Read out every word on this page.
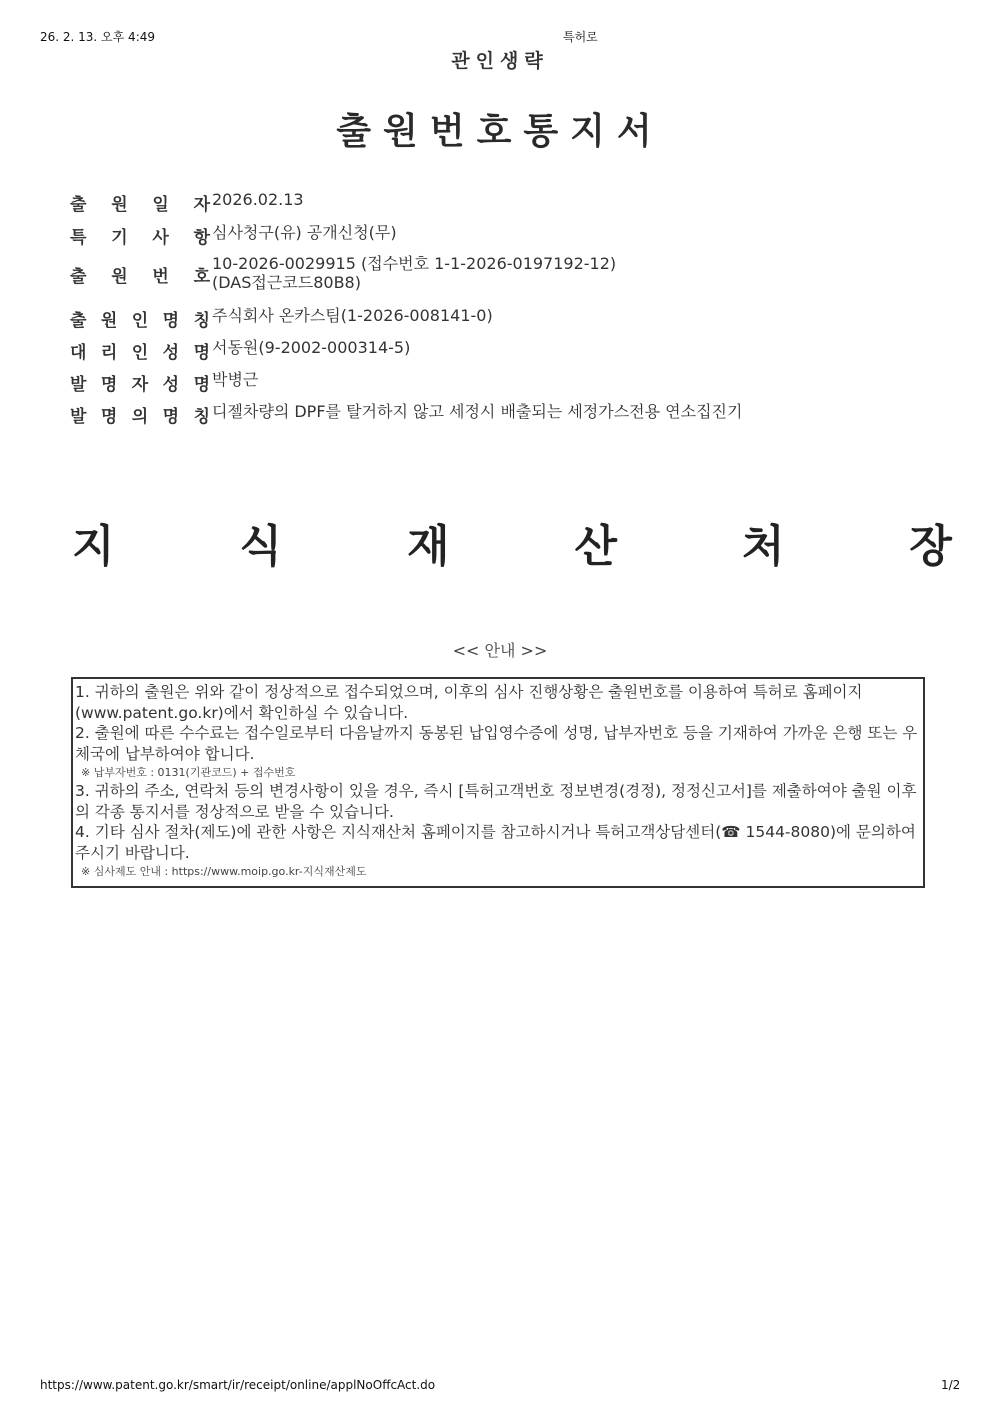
26. 2. 13. 오후 4:49	특허로
관인생략
출원번호통지서
출 원 일 자 2026.02.13
특 기 사 항 심사청구(유) 공개신청(무)
출 원 번 호
10-2026-0029915 (접수번호 1-1-2026-0197192-12)
(DAS접근코드80B8)
출 원 인 명 칭 주식회사 온카스팀(1-2026-008141-0)
대 리 인 성 명 서동원(9-2002-000314-5)
발 명 자 성 명 박병근
발 명 의 명 칭 디젤차량의 DPF를 탈거하지 않고 세정시 배출되는 세정가스전용 연소집진기
지	식	재	산	처	장
<< 안내 >>

1. 귀하의 출원은 위와 같이 정상적으로 접수되었으며, 이후의 심사 진행상황은 출원번호를 이용하여 특허로 홈페이지(www.patent.go.kr)에서 확인하실 수 있습니다.

2. 출원에 따른 수수료는 접수일로부터 다음날까지 동봉된 납입영수증에 성명, 납부자번호 등을 기재하여 가까운 은행 또는 우체국에 납부하여야 합니다.

※ 납부자번호 : 0131(기관코드) + 접수번호

3. 귀하의 주소, 연락처 등의 변경사항이 있을 경우, 즉시 [특허고객번호 정보변경(경정), 정정신고서]를 제출하여야 출원 이후의 각종 통지서를 정상적으로 받을 수 있습니다.

4. 기타 심사 절차(제도)에 관한 사항은 지식재산처 홈페이지를 참고하시거나 특허고객상담센터(☎ 1544-8080)에 문의하여 주시기 바랍니다.

※ 심사제도 안내 : https://www.moip.go.kr-지식재산제도

https://www.patent.go.kr/smart/ir/receipt/online/applNoOffcAct.do	1/2
